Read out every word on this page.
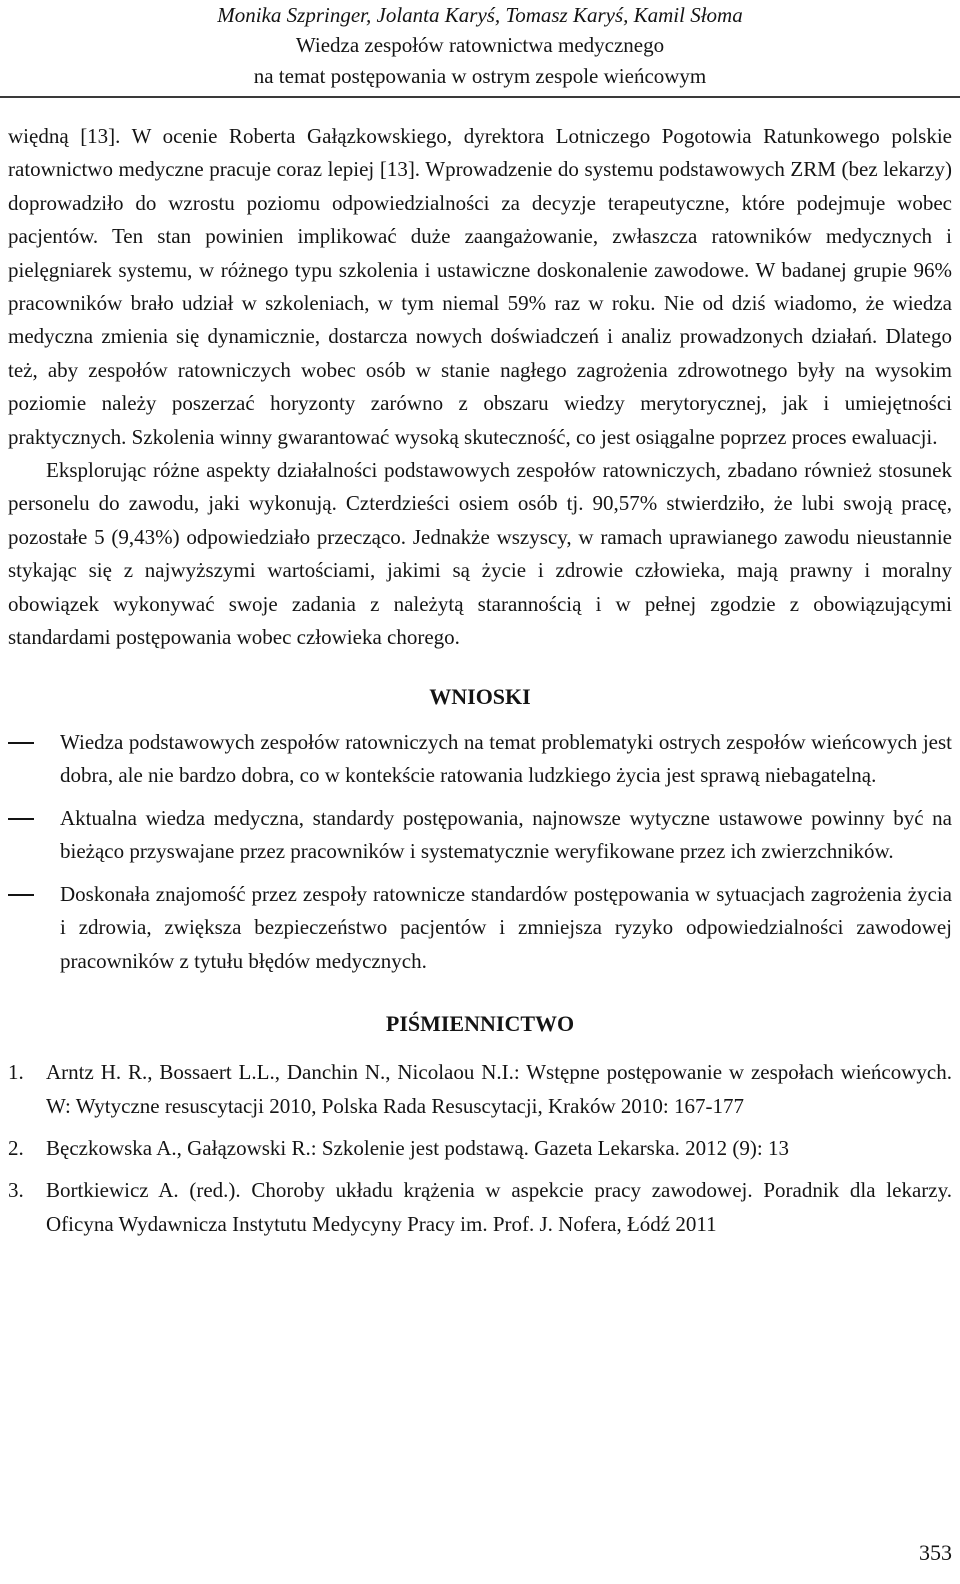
Monika Szpringer, Jolanta Karyś, Tomasz Karyś, Kamil Słoma
Wiedza zespołów ratownictwa medycznego
na temat postępowania w ostrym zespole wieńcowym

więdną [13]. W ocenie Roberta Gałązkowskiego, dyrektora Lotniczego Pogotowia Ratunkowego polskie ratownictwo medyczne pracuje coraz lepiej [13]. Wprowadzenie do systemu podstawowych ZRM (bez lekarzy) doprowadziło do wzrostu poziomu odpowiedzialności za decyzje terapeutyczne, które podejmuje wobec pacjentów. Ten stan powinien implikować duże zaangażowanie, zwłaszcza ratowników medycznych i pielęgniarek systemu, w różnego typu szkolenia i ustawiczne doskonalenie zawodowe. W badanej grupie 96% pracowników brało udział w szkoleniach, w tym niemal 59% raz w roku. Nie od dziś wiadomo, że wiedza medyczna zmienia się dynamicznie, dostarcza nowych doświadczeń i analiz prowadzonych działań. Dlatego też, aby zespołów ratowniczych wobec osób w stanie nagłego zagrożenia zdrowotnego były na wysokim poziomie należy poszerzać horyzonty zarówno z obszaru wiedzy merytorycznej, jak i umiejętności praktycznych. Szkolenia winny gwarantować wysoką skuteczność, co jest osiągalne poprzez proces ewaluacji.

Eksplorując różne aspekty działalności podstawowych zespołów ratowniczych, zbadano również stosunek personelu do zawodu, jaki wykonują. Czterdzieści osiem osób tj. 90,57% stwierdziło, że lubi swoją pracę, pozostałe 5 (9,43%) odpowiedziało przecząco. Jednakże wszyscy, w ramach uprawianego zawodu nieustannie stykając się z najwyższymi wartościami, jakimi są życie i zdrowie człowieka, mają prawny i moralny obowiązek wykonywać swoje zadania z należytą starannością i w pełnej zgodzie z obowiązującymi standardami postępowania wobec człowieka chorego.

WNIOSKI
Wiedza podstawowych zespołów ratowniczych na temat problematyki ostrych zespołów wieńcowych jest dobra, ale nie bardzo dobra, co w kontekście ratowania ludzkiego życia jest sprawą niebagatelną.
Aktualna wiedza medyczna, standardy postępowania, najnowsze wytyczne ustawowe powinny być na bieżąco przyswajane przez pracowników i systematycznie weryfikowane przez ich zwierzchników.
Doskonała znajomość przez zespoły ratownicze standardów postępowania w sytuacjach zagrożenia życia i zdrowia, zwiększa bezpieczeństwo pacjentów i zmniejsza ryzyko odpowiedzialności zawodowej pracowników z tytułu błędów medycznych.
PIŚMIENNICTWO
1. Arntz H. R., Bossaert L.L., Danchin N., Nicolaou N.I.: Wstępne postępowanie w zespołach wieńcowych. W: Wytyczne resuscytacji 2010, Polska Rada Resuscytacji, Kraków 2010: 167-177
2. Bęczkowska A., Gałązowski R.: Szkolenie jest podstawą. Gazeta Lekarska. 2012 (9): 13
3. Bortkiewicz A. (red.). Choroby układu krążenia w aspekcie pracy zawodowej. Poradnik dla lekarzy. Oficyna Wydawnicza Instytutu Medycyny Pracy im. Prof. J. Nofera, Łódź 2011
353
